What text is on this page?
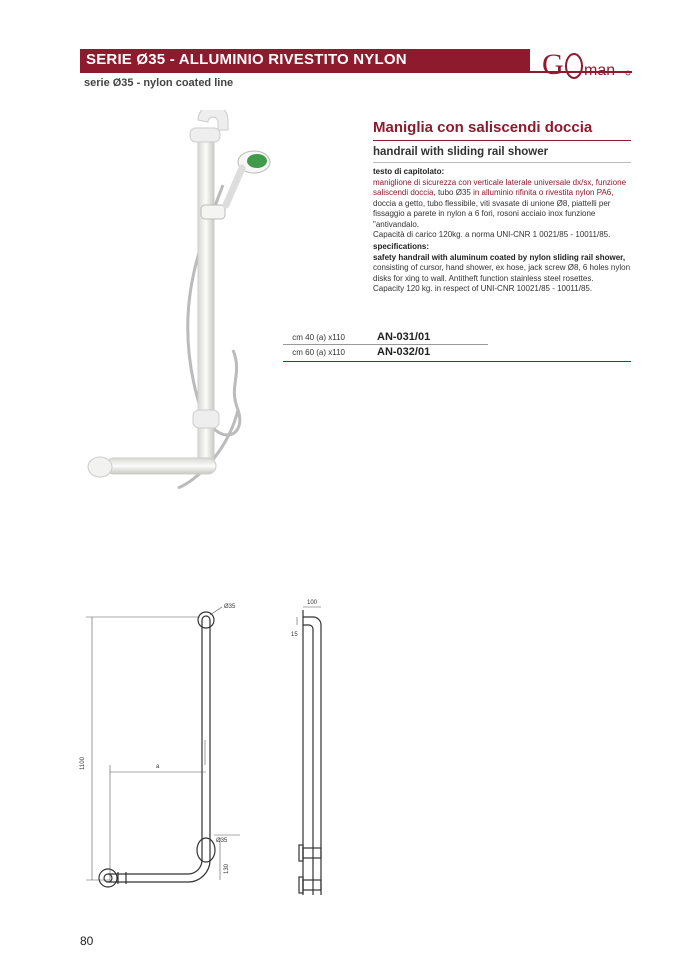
SERIE Ø35 - ALLUMINIO RIVESTITO NYLON
serie Ø35 - nylon coated line
G man
Maniglia con saliscendi doccia
handrail with sliding rail shower
testo di capitolato:
maniglione di sicurezza con verticale laterale universale dx/sx, funzione saliscendi doccia, tubo Ø35 in alluminio rifinita o rivestita nylon PA6, doccia a getto, tubo flessibile, viti svasate di unione Ø8, piattelli per fissaggio a parete in nylon a 6 fori, rosoni acciaio inox funzione "antivandalo.
Capacità di carico 120kg. a norma UNI-CNR 1 0021/85 - 10011/85.
specifications:
safety handrail with aluminum coated by nylon sliding rail shower,
consisting of cursor, hand shower, ex hose, jack screw Ø8, 6 holes nylon disks for xing to wall. Antitheft function stainless steel rosettes.
Capacity 120 kg. in respect of UNI-CNR 10021/85 - 10011/85.
cm 40 (a) x110	AN-031/01
cm 60 (a) x110	AN-032/01
1100	a
Ø35
Ø35
130
100
15
80
